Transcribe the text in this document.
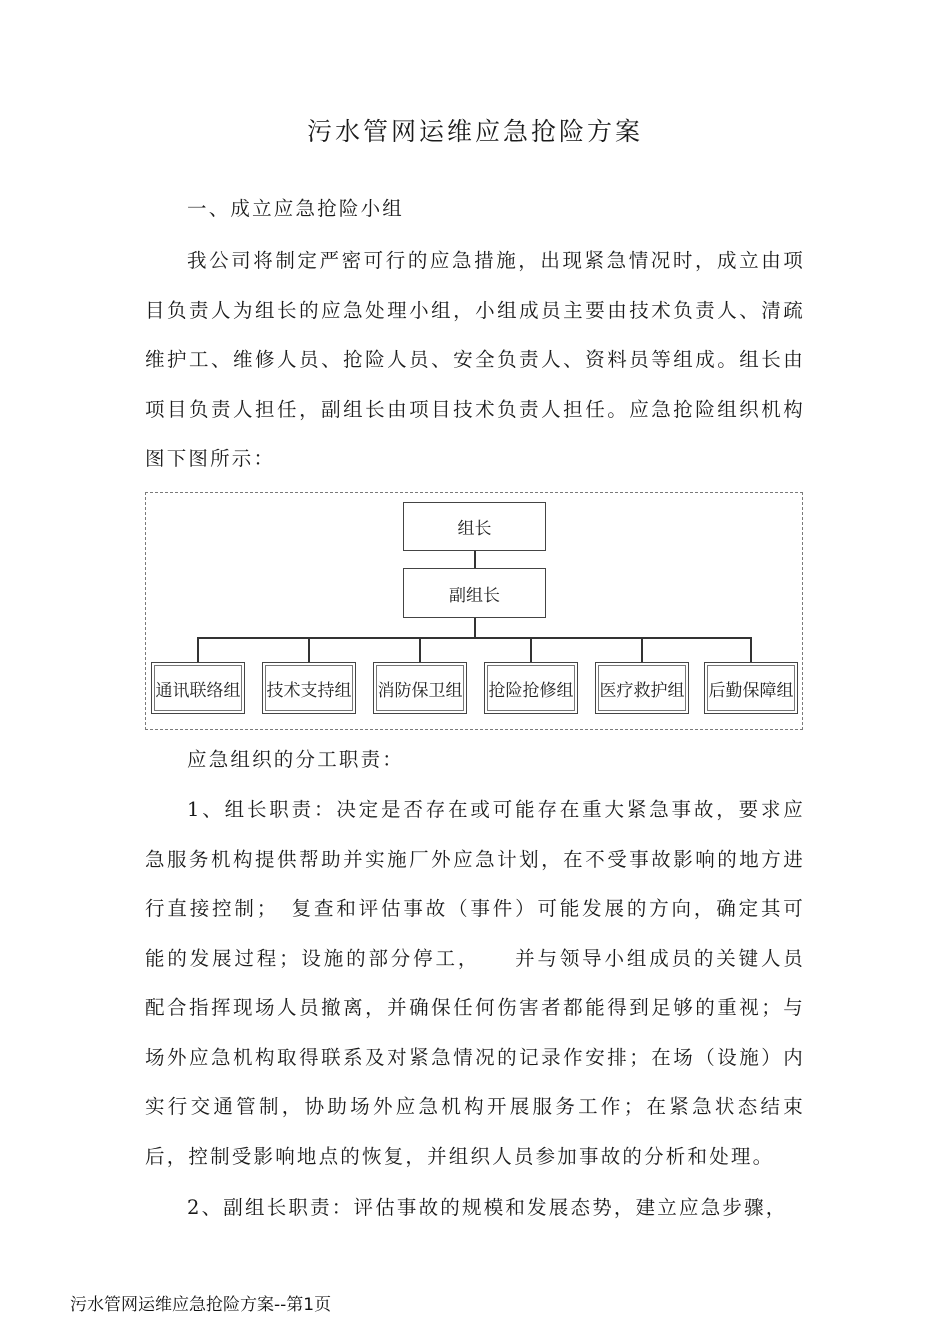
污水管网运维应急抢险方案

一、成立应急抢险小组

我公司将制定严密可行的应急措施，出现紧急情况时，成立由项目负责人为组长的应急处理小组，小组成员主要由技术负责人、清疏维护工、维修人员、抢险人员、安全负责人、资料员等组成。组长由项目负责人担任，副组长由项目技术负责人担任。应急抢险组织机构图下图所示：

组长
副组长
通讯联络组 技术支持组 消防保卫组 抢险抢修组 医疗救护组 后勤保障组

应急组织的分工职责：

1、组长职责：决定是否存在或可能存在重大紧急事故，要求应急服务机构提供帮助并实施厂外应急计划，在不受事故影响的地方进行直接控制；　复查和评估事故（事件）可能发展的方向，确定其可能的发展过程；设施的部分停工，　　并与领导小组成员的关键人员配合指挥现场人员撤离，并确保任何伤害者都能得到足够的重视；与场外应急机构取得联系及对紧急情况的记录作安排；在场（设施）内实行交通管制，协助场外应急机构开展服务工作；在紧急状态结束后，控制受影响地点的恢复，并组织人员参加事故的分析和处理。

2、副组长职责：评估事故的规模和发展态势，建立应急步骤，

污水管网运维应急抢险方案--第1页
